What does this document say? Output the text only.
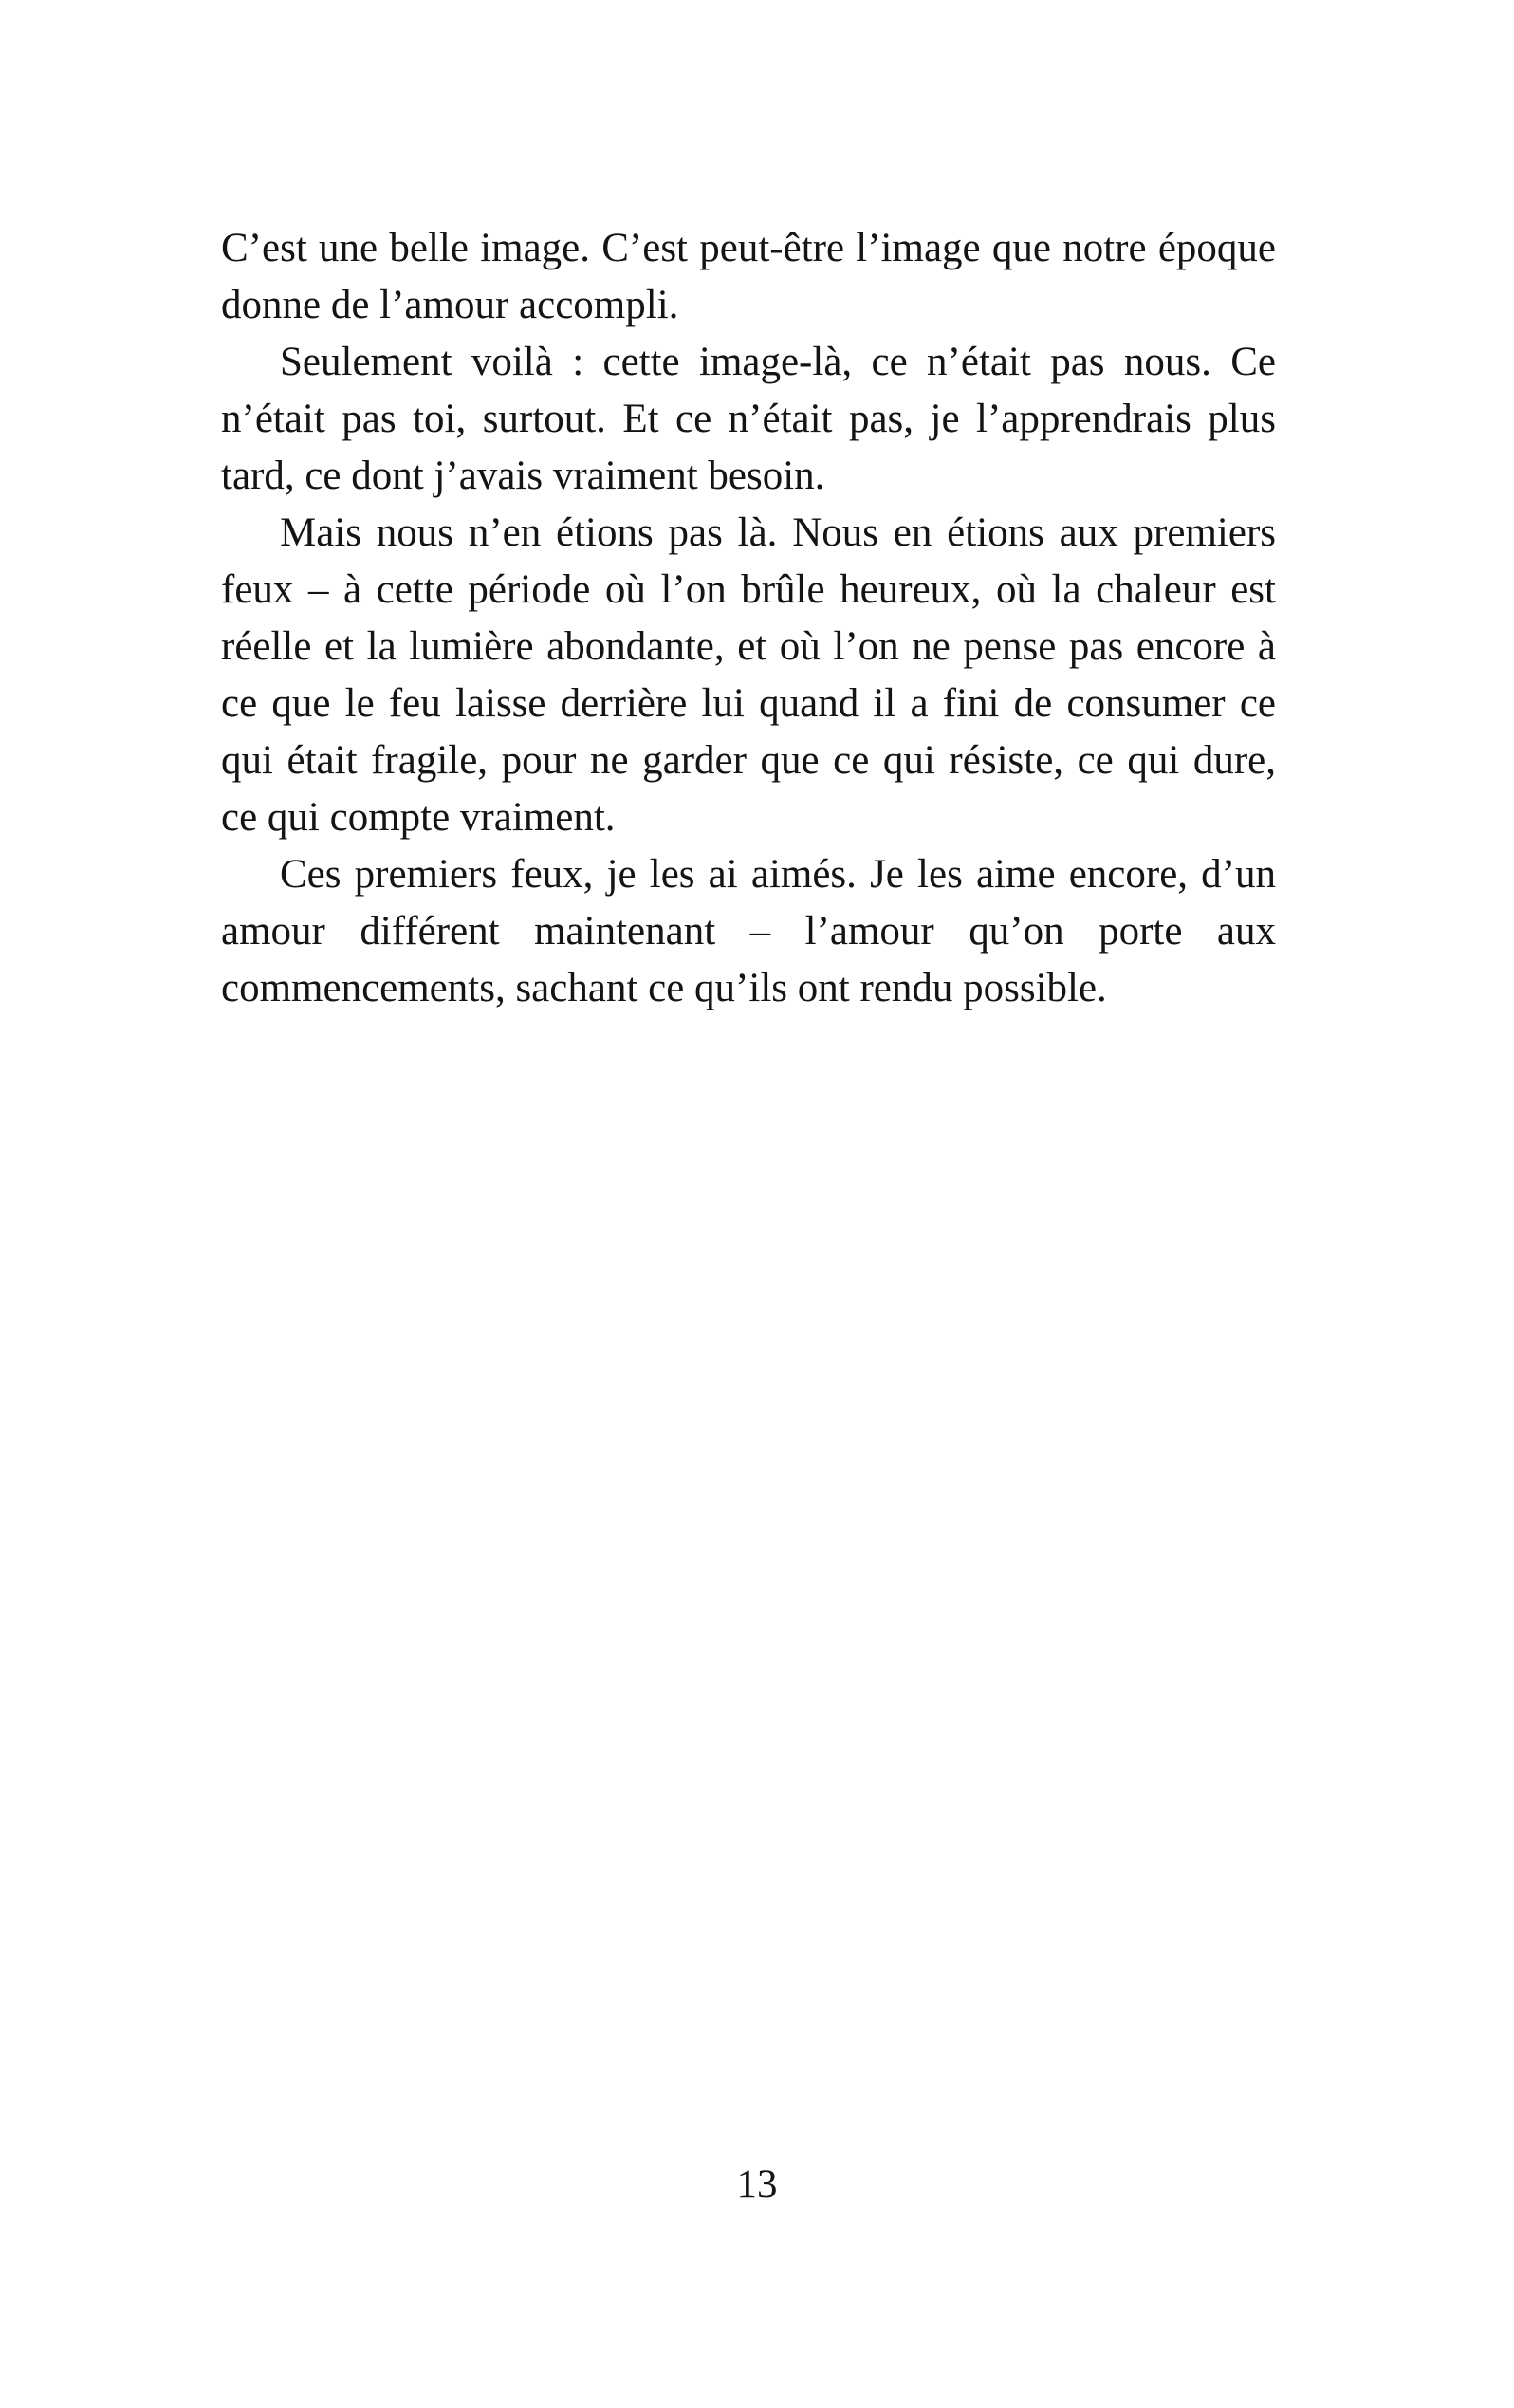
C’est une belle image. C’est peut-être l’image que notre époque donne de l’amour accompli.

Seulement voilà : cette image-là, ce n’était pas nous. Ce n’était pas toi, surtout. Et ce n’était pas, je l’apprendrais plus tard, ce dont j’avais vraiment besoin.

Mais nous n’en étions pas là. Nous en étions aux premiers feux – à cette période où l’on brûle heureux, où la chaleur est réelle et la lumière abondante, et où l’on ne pense pas encore à ce que le feu laisse derrière lui quand il a fini de consumer ce qui était fragile, pour ne garder que ce qui résiste, ce qui dure, ce qui compte vraiment.

Ces premiers feux, je les ai aimés. Je les aime encore, d’un amour différent maintenant – l’amour qu’on porte aux commencements, sachant ce qu’ils ont rendu possible.

13
